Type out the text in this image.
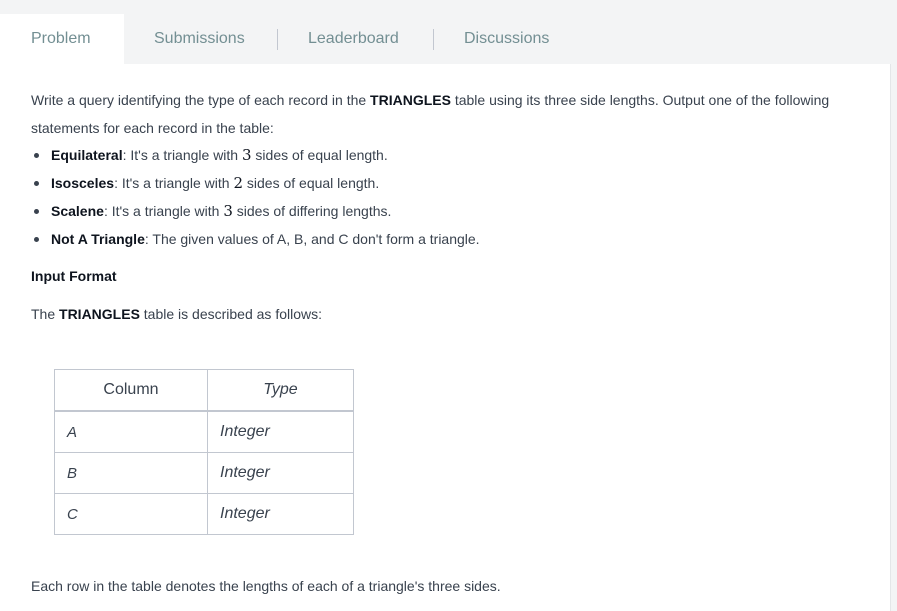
Problem	Submissions	Leaderboard	Discussions
Write a query identifying the type of each record in the TRIANGLES table using its three side lengths. Output one of the following statements for each record in the table:
Equilateral: It's a triangle with 3 sides of equal length.
Isosceles: It's a triangle with 2 sides of equal length.
Scalene: It's a triangle with 3 sides of differing lengths.
Not A Triangle: The given values of A, B, and C don't form a triangle.
Input Format
The TRIANGLES table is described as follows:
Column	Type
A	Integer
B	Integer
C	Integer
Each row in the table denotes the lengths of each of a triangle's three sides.
